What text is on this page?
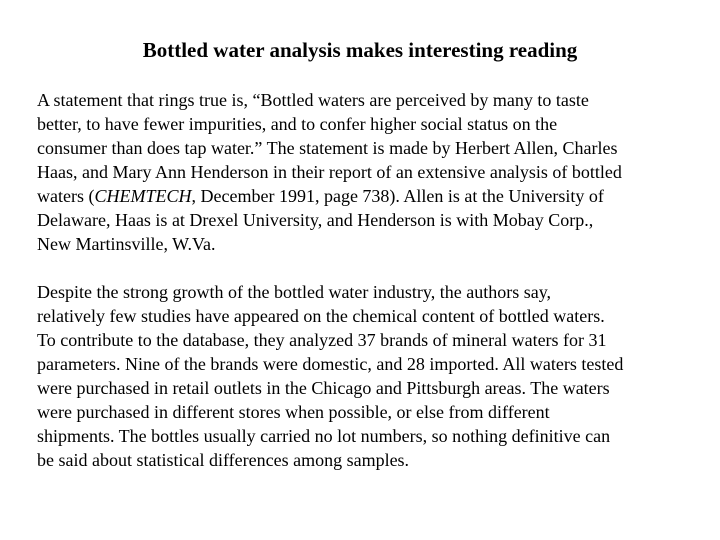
Bottled water analysis makes interesting reading
A statement that rings true is, “Bottled waters are perceived by many to taste
better, to have fewer impurities, and to confer higher social status on the
consumer than does tap water.” The statement is made by Herbert Allen, Charles
Haas, and Mary Ann Henderson in their report of an extensive analysis of bottled
waters (CHEMTECH, December 1991, page 738). Allen is at the University of
Delaware, Haas is at Drexel University, and Henderson is with Mobay Corp.,
New Martinsville, W.Va.
Despite the strong growth of the bottled water industry, the authors say,
relatively few studies have appeared on the chemical content of bottled waters.
To contribute to the database, they analyzed 37 brands of mineral waters for 31
parameters. Nine of the brands were domestic, and 28 imported. All waters tested
were purchased in retail outlets in the Chicago and Pittsburgh areas. The waters
were purchased in different stores when possible, or else from different
shipments. The bottles usually carried no lot numbers, so nothing definitive can
be said about statistical differences among samples.
